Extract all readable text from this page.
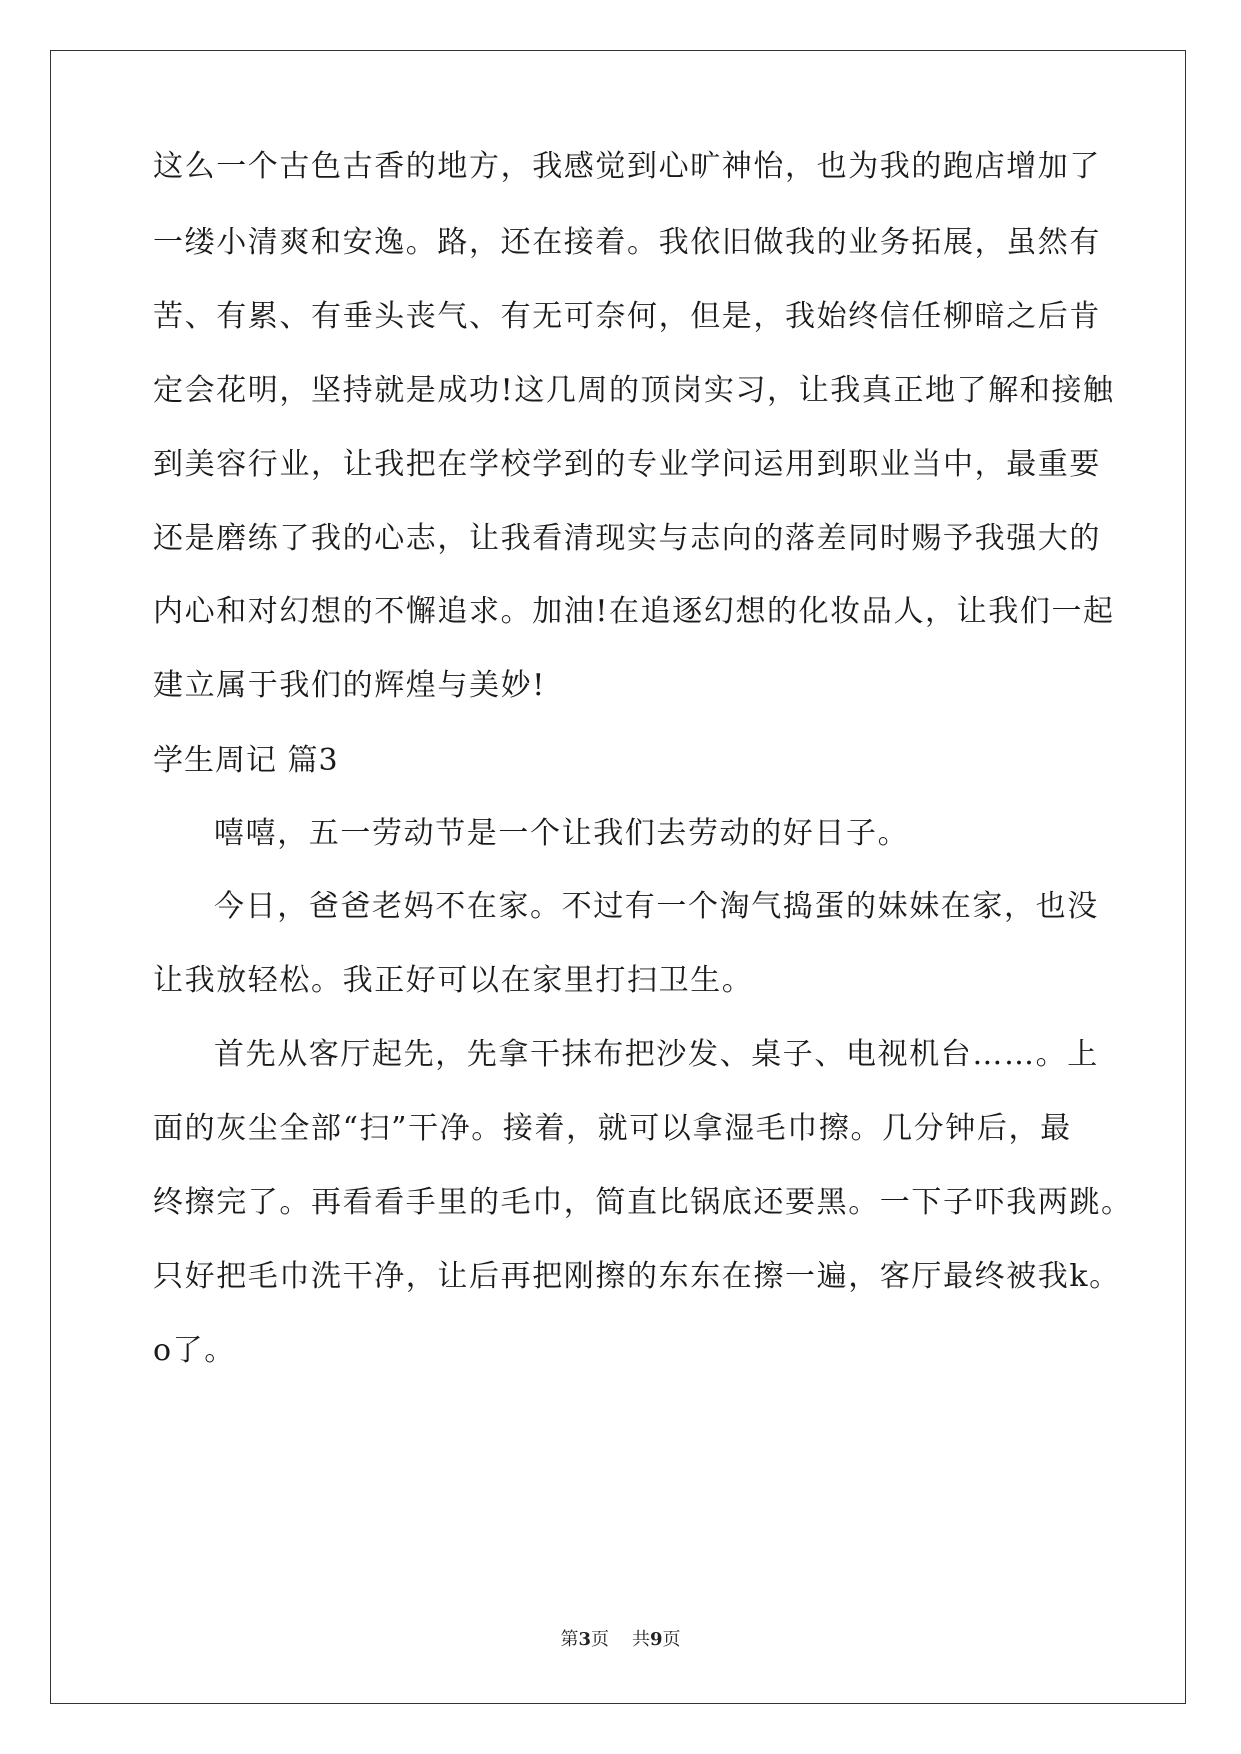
这么一个古色古香的地方，我感觉到心旷神怡，也为我的跑店增加了
一缕小清爽和安逸。路，还在接着。我依旧做我的业务拓展，虽然有
苦、有累、有垂头丧气、有无可奈何，但是，我始终信任柳暗之后肯
定会花明，坚持就是成功!这几周的顶岗实习，让我真正地了解和接触
到美容行业，让我把在学校学到的专业学问运用到职业当中，最重要
还是磨练了我的心志，让我看清现实与志向的落差同时赐予我强大的
内心和对幻想的不懈追求。加油!在追逐幻想的化妆品人，让我们一起
建立属于我们的辉煌与美妙!
学生周记 篇3
嘻嘻，五一劳动节是一个让我们去劳动的好日子。
今日，爸爸老妈不在家。不过有一个淘气捣蛋的妹妹在家，也没
让我放轻松。我正好可以在家里打扫卫生。
首先从客厅起先，先拿干抹布把沙发、桌子、电视机台……。上
面的灰尘全部“扫”干净。接着，就可以拿湿毛巾擦。几分钟后，最
终擦完了。再看看手里的毛巾，简直比锅底还要黑。一下子吓我两跳。
只好把毛巾洗干净，让后再把刚擦的东东在擦一遍，客厅最终被我k。
o了。
第3页 共9页
